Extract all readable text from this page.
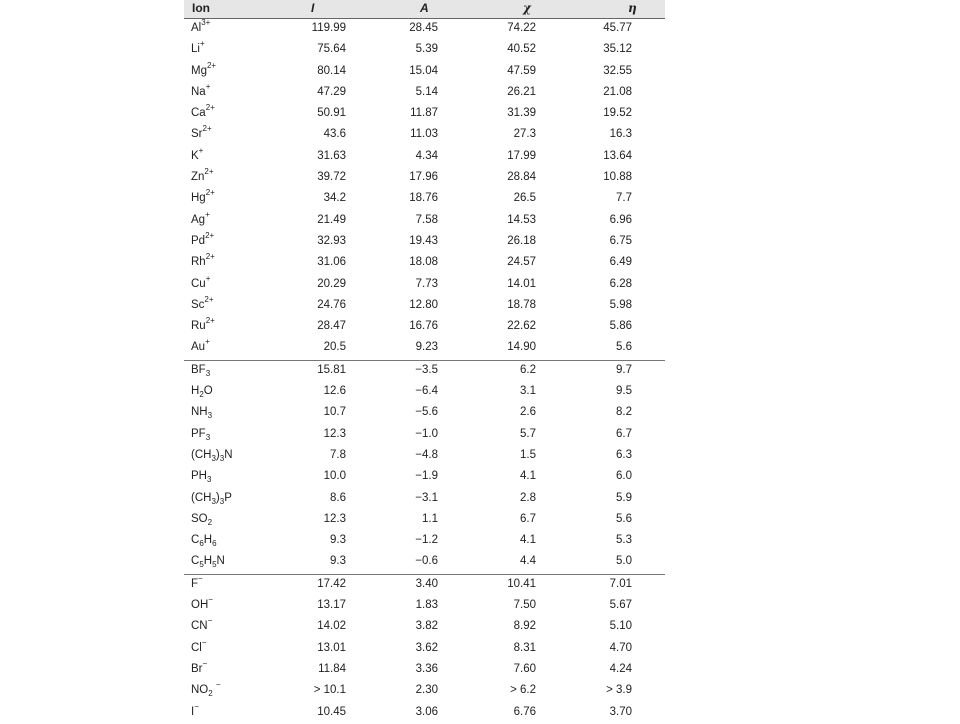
Ion	I	A	χ	η
$Al^{3+}$	119.99	28.45	74.22	45.77
Li+	75.64	5.39	40.52	35.12
$Mg^{2+}$	80.14	15.04	47.59	32.55
Na+	47.29	5.14	26.21	21.08
$Ca^{2+}$	50.91	11.87	31.39	19.52
$Sr^{2+}$	43.6	11.03	27.3	16.3
K+	31.63	4.34	17.99	13.64
$Zn^{2+}$	39.72	17.96	28.84	10.88
$Hg^{2+}$	34.2	18.76	26.5	7.7
Ag+	21.49	7.58	14.53	6.96
$Pd^{2+}$	32.93	19.43	26.18	6.75
$Rh^{2+}$	31.06	18.08	24.57	6.49
Cu+	20.29	7.73	14.01	6.28
$Sc^{2+}$	24.76	12.80	18.78	5.98
$Ru^{2+}$	28.47	16.76	22.62	5.86
Au+	20.5	9.23	14.90	5.6
$BF_3$	15.81	−3.5	6.2	9.7
$H_2O$	12.6	−6.4	3.1	9.5
$NH_3$	10.7	−5.6	2.6	8.2
$PF_3$	12.3	−1.0	5.7	6.7
$(CH_3)_3N$	7.8	−4.8	1.5	6.3
$PH_3$	10.0	−1.9	4.1	6.0
$(CH_3)_3P$	8.6	−3.1	2.8	5.9
$SO_2$	12.3	1.1	6.7	5.6
$C_6H_6$	9.3	−1.2	4.1	5.3
$C_5H_5N$	9.3	−0.6	4.4	5.0
F−	17.42	3.40	10.41	7.01
OH−	13.17	1.83	7.50	5.67
CN−	14.02	3.82	8.92	5.10
Cl−	13.01	3.62	8.31	4.70
Br−	11.84	3.36	7.60	4.24
$NO_2$ −	> 10.1	2.30	> 6.2	> 3.9
I−	10.45	3.06	6.76	3.70
